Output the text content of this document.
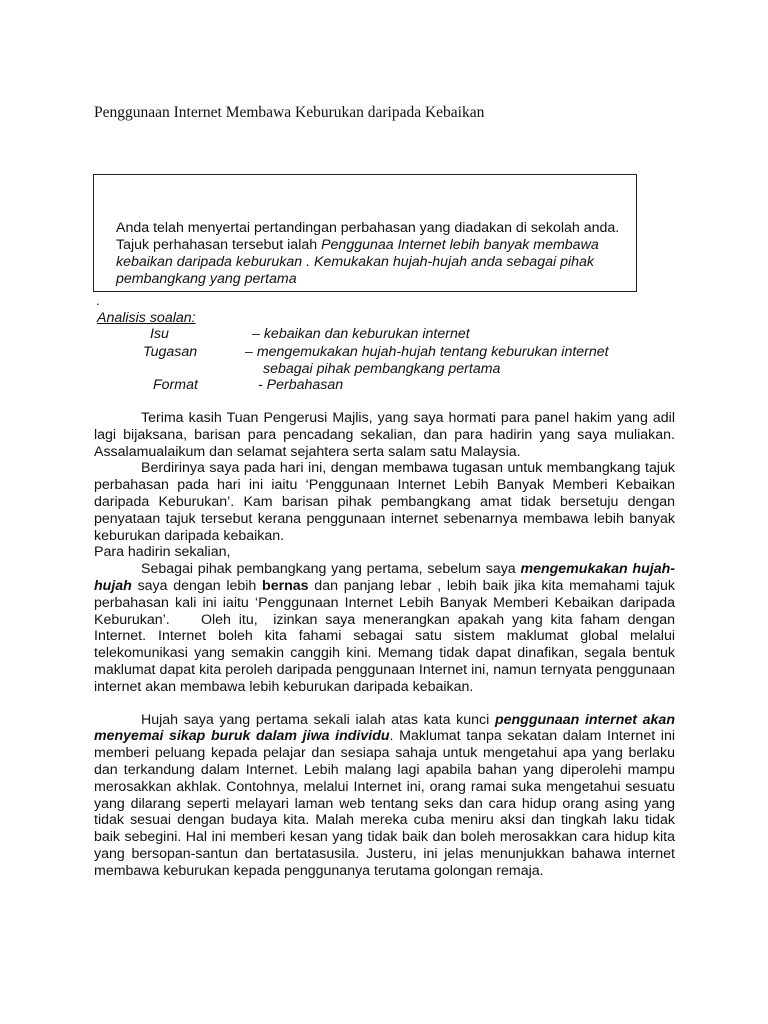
Penggunaan Internet Membawa Keburukan daripada Kebaikan
Anda telah menyertai pertandingan perbahasan yang diadakan di sekolah anda. Tajuk perhahasan tersebut ialah Penggunaa Internet lebih banyak membawa kebaikan daripada keburukan . Kemukakan hujah-hujah anda sebagai pihak pembangkang yang pertama
.
Analisis soalan:
Isu	– kebaikan dan keburukan internet
Tugasan	– mengemukakan hujah-hujah tentang keburukan internet
sebagai pihak pembangkang pertama
Format	- Perbahasan

Terima kasih Tuan Pengerusi Majlis, yang saya hormati para panel hakim yang adil lagi bijaksana, barisan para pencadang sekalian, dan para hadirin yang saya muliakan. Assalamualaikum dan selamat sejahtera serta salam satu Malaysia.

Berdirinya saya pada hari ini, dengan membawa tugasan untuk membangkang tajuk perbahasan pada hari ini iaitu ‘Penggunaan Internet Lebih Banyak Memberi Kebaikan daripada Keburukan’. Kam barisan pihak pembangkang amat tidak bersetuju dengan penyataan tajuk tersebut kerana penggunaan internet sebenarnya membawa lebih banyak keburukan daripada kebaikan.

Para hadirin sekalian,

Sebagai pihak pembangkang yang pertama, sebelum saya mengemukakan hujah-hujah saya dengan lebih bernas dan panjang lebar , lebih baik jika kita memahami tajuk perbahasan kali ini iaitu ‘Penggunaan Internet Lebih Banyak Memberi Kebaikan daripada Keburukan’.    Oleh itu,  izinkan saya menerangkan apakah yang kita faham dengan Internet. Internet boleh kita fahami sebagai satu sistem maklumat global melalui telekomunikasi yang semakin canggih kini. Memang tidak dapat dinafikan, segala bentuk maklumat dapat kita peroleh daripada penggunaan Internet ini, namun ternyata penggunaan internet akan membawa lebih keburukan daripada kebaikan.

Hujah saya yang pertama sekali ialah atas kata kunci penggunaan internet akan menyemai sikap buruk dalam jiwa individu. Maklumat tanpa sekatan dalam Internet ini memberi peluang kepada pelajar dan sesiapa sahaja untuk mengetahui apa yang berlaku dan terkandung dalam Internet. Lebih malang lagi apabila bahan yang diperolehi mampu merosakkan akhlak. Contohnya, melalui Internet ini, orang ramai suka mengetahui sesuatu yang dilarang seperti melayari laman web tentang seks dan cara hidup orang asing yang tidak sesuai dengan budaya kita. Malah mereka cuba meniru aksi dan tingkah laku tidak baik sebegini. Hal ini memberi kesan yang tidak baik dan boleh merosakkan cara hidup kita yang bersopan-santun dan bertatasusila. Justeru, ini jelas menunjukkan bahawa internet membawa keburukan kepada penggunanya terutama golongan remaja.
